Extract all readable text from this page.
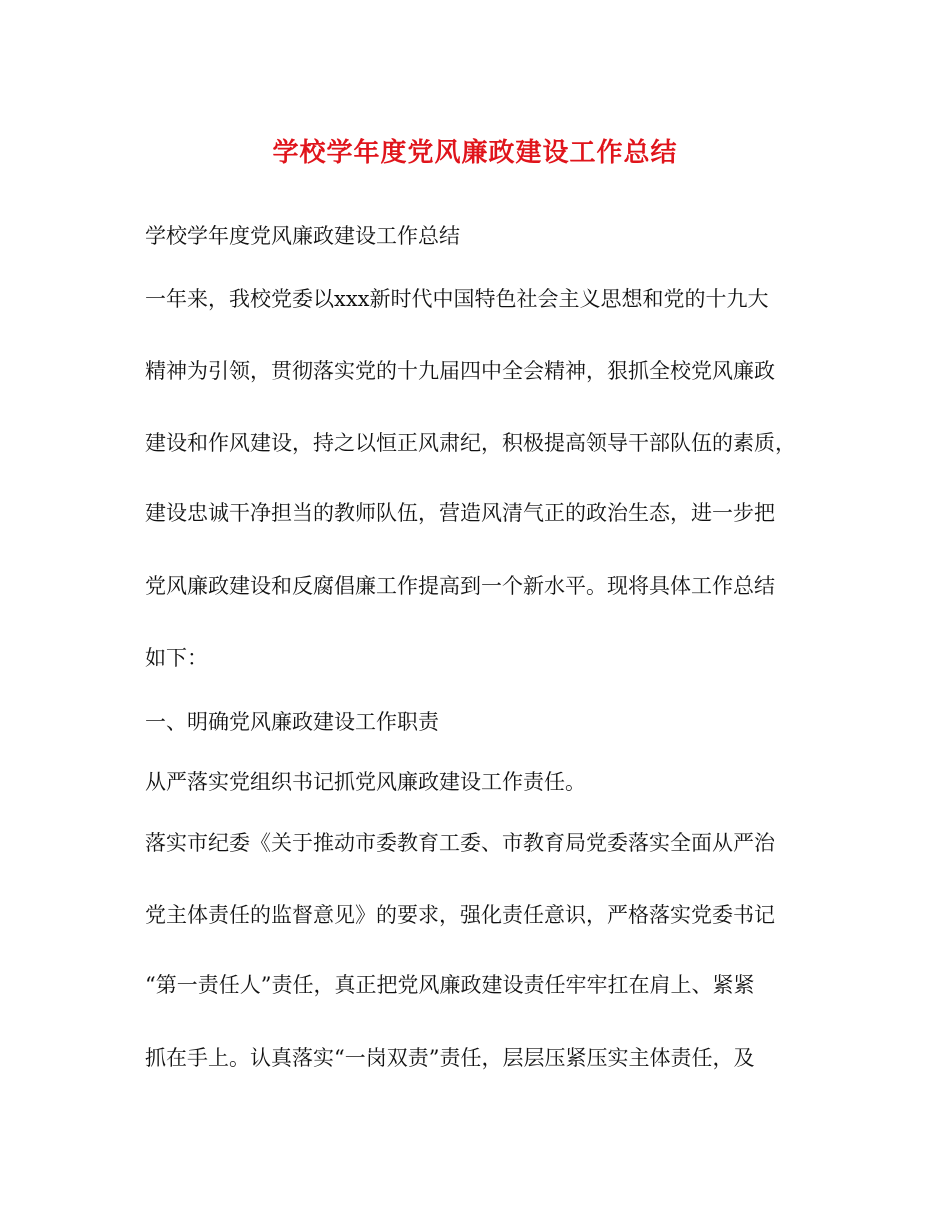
学校学年度党风廉政建设工作总结

学校学年度党风廉政建设工作总结

一年来，我校党委以xxx新时代中国特色社会主义思想和党的十九大

精神为引领，贯彻落实党的十九届四中全会精神，狠抓全校党风廉政

建设和作风建设，持之以恒正风肃纪，积极提高领导干部队伍的素质，

建设忠诚干净担当的教师队伍，营造风清气正的政治生态，进一步把

党风廉政建设和反腐倡廉工作提高到一个新水平。现将具体工作总结

如下：

一、明确党风廉政建设工作职责

从严落实党组织书记抓党风廉政建设工作责任。

落实市纪委《关于推动市委教育工委、市教育局党委落实全面从严治

党主体责任的监督意见》的要求，强化责任意识，严格落实党委书记

“第一责任人”责任，真正把党风廉政建设责任牢牢扛在肩上、紧紧

抓在手上。认真落实“一岗双责”责任，层层压紧压实主体责任，及
